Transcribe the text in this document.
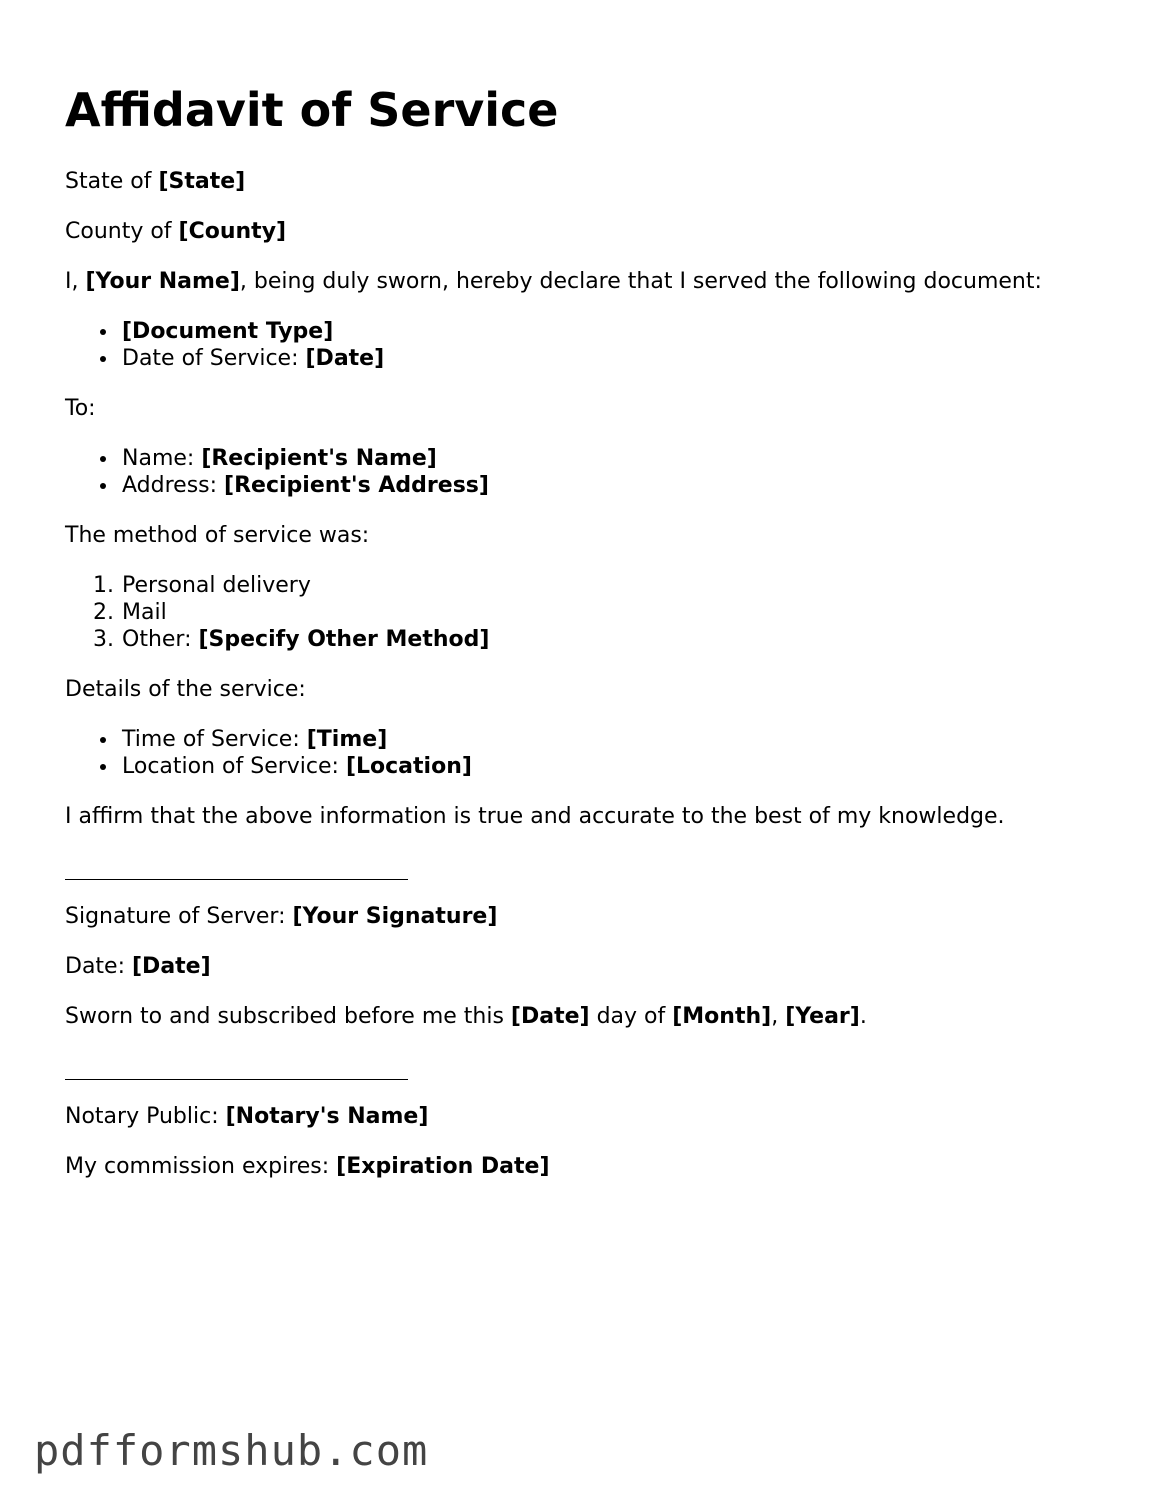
Affidavit of Service

State of [State]

County of [County]

I, [Your Name], being duly sworn, hereby declare that I served the following document:

[Document Type]

Date of Service: [Date]

To:

Name: [Recipient's Name]

Address: [Recipient's Address]

The method of service was:

1. Personal delivery

2. Mail

3. Other: [Specify Other Method]

Details of the service:

Time of Service: [Time]

Location of Service: [Location]

I affirm that the above information is true and accurate to the best of my knowledge.

Signature of Server: [Your Signature]

Date: [Date]

Sworn to and subscribed before me this [Date] day of [Month], [Year].

Notary Public: [Notary's Name]

My commission expires: [Expiration Date]

pdfformshub.com
